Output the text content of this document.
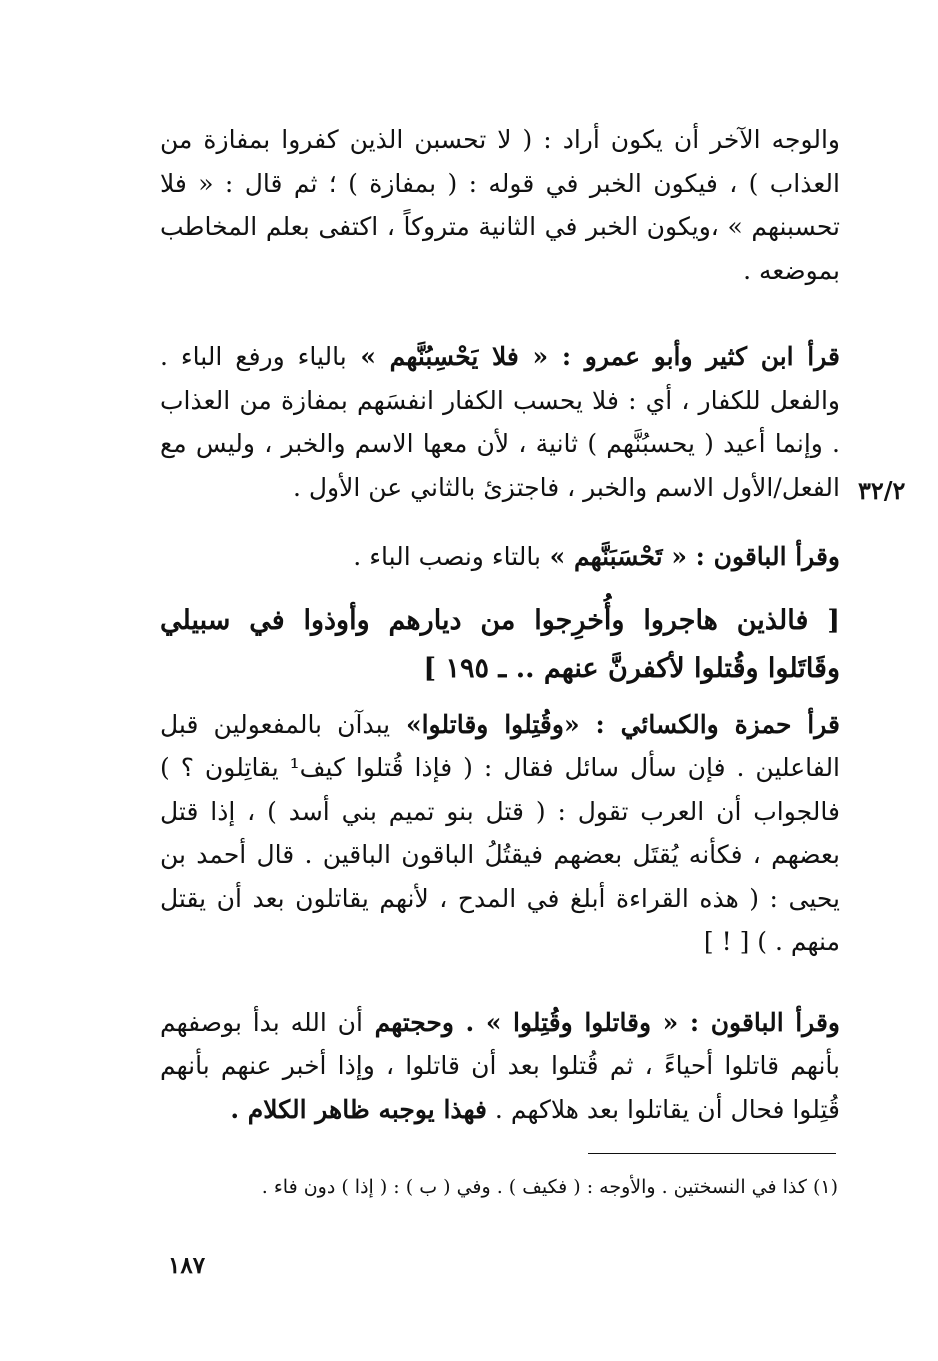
والوجه الآخر أن يكون أراد : ( لا تحسبن الذين كفروا بمفازة من العذاب ) ، فيكون الخبر في قوله : ( بمفازة ) ؛ ثم قال : « فلا تحسبنهم » ،ويكون الخبر في الثانية متروكاً ، اكتفى بعلم المخاطب بموضعه .

قرأ ابن كثير وأبو عمرو : « فلا يَحْسِبُنَّهم » بالياء ورفع الباء . والفعل للكفار ، أي : فلا يحسب الكفار انفسَهم بمفازة من العذاب . وإنما أعيد ( يحسبُنَّهم ) ثانية ، لأن معها الاسم والخبر ، وليس مع الفعل/الأول الاسم والخبر ، فاجتزئ بالثاني عن الأول .

وقرأ الباقون : « تَحْسَبَنَّهم » بالتاء ونصب الباء .

[ فالذين هاجروا وأُخرِجوا من ديارهم وأوذوا في سبيلي وقَاتَلوا وقُتلوا لأكفرنَّ عنهم .. ـ ١٩٥ ]

قرأ حمزة والكسائي : «وقُتِلوا وقاتلوا» يبدآن بالمفعولين قبل الفاعلين . فإن سأل سائل فقال : ( فإذا قُتلوا كيف¹ يقاتِلون ؟ ) فالجواب أن العرب تقول : ( قتل بنو تميم بني أسد ) ، إذا قتل بعضهم ، فكأنه يُقتَل بعضهم فيقتُلُ الباقون الباقين . قال أحمد بن يحيى : ( هذه القراءة أبلغ في المدح ، لأنهم يقاتلون بعد أن يقتل منهم . ) [ ! ]

وقرأ الباقون : « وقاتلوا وقُتِلوا » . وحجتهم أن الله بدأ بوصفهم بأنهم قاتلوا أحياءً ، ثم قُتلوا بعد أن قاتلوا ، وإذا أخبر عنهم بأنهم قُتِلوا فحال أن يقاتلوا بعد هلاكهم . فهذا يوجبه ظاهر الكلام .

٣٢/٢
(١) كذا في النسختين . والأوجه : ( فكيف ) . وفي ( ب ) : ( إذا ) دون فاء .
١٨٧
